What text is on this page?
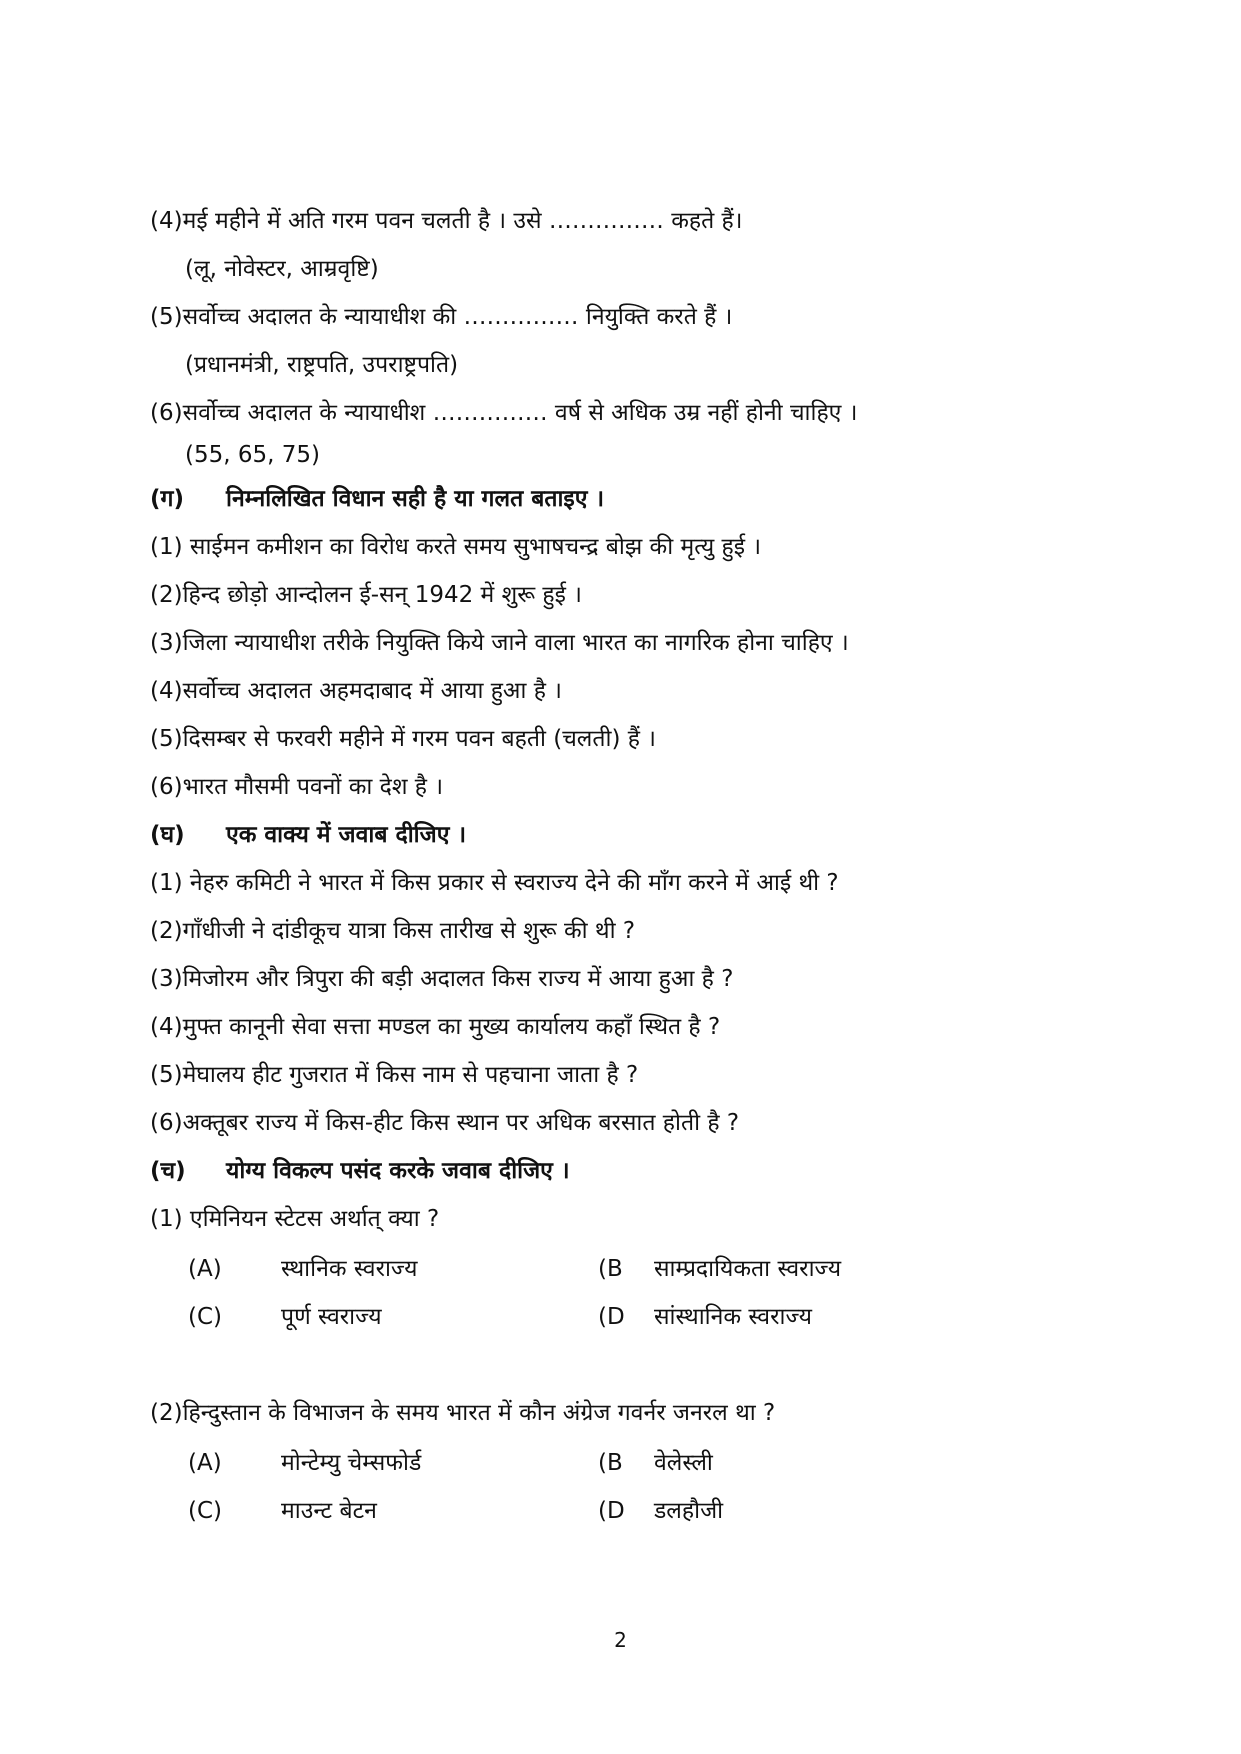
(4)मई महीने में अति गरम पवन चलती है । उसे …………… कहते हैं।
(लू, नोवेस्टर, आम्रवृष्टि)
(5)सर्वोच्च अदालत के न्यायाधीश की …………… नियुक्ति करते हैं ।
(प्रधानमंत्री, राष्ट्रपति, उपराष्ट्रपति)
(6)सर्वोच्च अदालत के न्यायाधीश …………… वर्ष से अधिक उम्र नहीं होनी चाहिए ।
(55, 65, 75)
(ग) निम्नलिखित विधान सही है या गलत बताइए ।
(1) साईमन कमीशन का विरोध करते समय सुभाषचन्द्र बोझ की मृत्यु हुई ।
(2)हिन्द छोड़ो आन्दोलन ई-सन् 1942 में शुरू हुई ।
(3)जिला न्यायाधीश तरीके नियुक्ति किये जाने वाला भारत का नागरिक होना चाहिए ।
(4)सर्वोच्च अदालत अहमदाबाद में आया हुआ है ।
(5)दिसम्बर से फरवरी महीने में गरम पवन बहती (चलती) हैं ।
(6)भारत मौसमी पवनों का देश है ।
(घ) एक वाक्य में जवाब दीजिए ।
(1) नेहरु कमिटी ने भारत में किस प्रकार से स्वराज्य देने की माँग करने में आई थी ?
(2)गाँधीजी ने दांडीकूच यात्रा किस तारीख से शुरू की थी ?
(3)मिजोरम और त्रिपुरा की बड़ी अदालत किस राज्य में आया हुआ है ?
(4)मुफ्त कानूनी सेवा सत्ता मण्डल का मुख्य कार्यालय कहाँ स्थित है ?
(5)मेघालय हीट गुजरात में किस नाम से पहचाना जाता है ?
(6)अक्तूबर राज्य में किस-हीट किस स्थान पर अधिक बरसात होती है ?
(च) योग्य विकल्प पसंद करके जवाब दीजिए ।
(1) एमिनियन स्टेटस अर्थात् क्या ?
(A)	स्थानिक स्वराज्य	(B साम्प्रदायिकता स्वराज्य
(C)	पूर्ण स्वराज्य	(D सांस्थानिक स्वराज्य
(2)हिन्दुस्तान के विभाजन के समय भारत में कौन अंग्रेज गवर्नर जनरल था ?
(A)	मोन्टेम्यु चेम्सफोर्ड	(B वेलेस्ली
(C)	माउन्ट बेटन	(D डलहौजी
2
